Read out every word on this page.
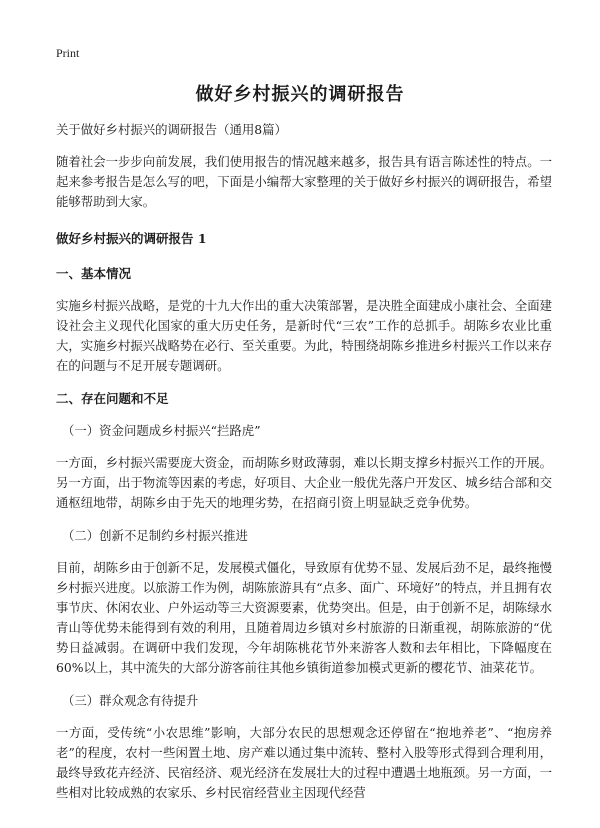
Print
做好乡村振兴的调研报告

关于做好乡村振兴的调研报告（通用8篇）

随着社会一步步向前发展，我们使用报告的情况越来越多，报告具有语言陈述性的特点。一起来参考报告是怎么写的吧，下面是小编帮大家整理的关于做好乡村振兴的调研报告，希望能够帮助到大家。

做好乡村振兴的调研报告 1

一、基本情况

实施乡村振兴战略，是党的十九大作出的重大决策部署，是决胜全面建成小康社会、全面建设社会主义现代化国家的重大历史任务，是新时代“三农”工作的总抓手。胡陈乡农业比重大，实施乡村振兴战略势在必行、至关重要。为此，特围绕胡陈乡推进乡村振兴工作以来存在的问题与不足开展专题调研。

二、存在问题和不足

（一）资金问题成乡村振兴“拦路虎”

一方面，乡村振兴需要庞大资金，而胡陈乡财政薄弱，难以长期支撑乡村振兴工作的开展。另一方面，出于物流等因素的考虑，好项目、大企业一般优先落户开发区、城乡结合部和交通枢纽地带，胡陈乡由于先天的地理劣势，在招商引资上明显缺乏竞争优势。

（二）创新不足制约乡村振兴推进

目前，胡陈乡由于创新不足，发展模式僵化，导致原有优势不显、发展后劲不足，最终拖慢乡村振兴进度。以旅游工作为例，胡陈旅游具有“点多、面广、环境好”的特点，并且拥有农事节庆、休闲农业、户外运动等三大资源要素，优势突出。但是，由于创新不足，胡陈绿水青山等优势未能得到有效的利用，且随着周边乡镇对乡村旅游的日渐重视，胡陈旅游的“优势日益减弱。在调研中我们发现，今年胡陈桃花节外来游客人数和去年相比，下降幅度在60%以上，其中流失的大部分游客前往其他乡镇街道参加模式更新的樱花节、油菜花节。

（三）群众观念有待提升

一方面，受传统“小农思维”影响，大部分农民的思想观念还停留在“抱地养老”、“抱房养老”的程度，农村一些闲置土地、房产难以通过集中流转、整村入股等形式得到合理利用，最终导致花卉经济、民宿经济、观光经济在发展壮大的过程中遭遇土地瓶颈。另一方面，一些相对比较成熟的农家乐、乡村民宿经营业主因现代经营
